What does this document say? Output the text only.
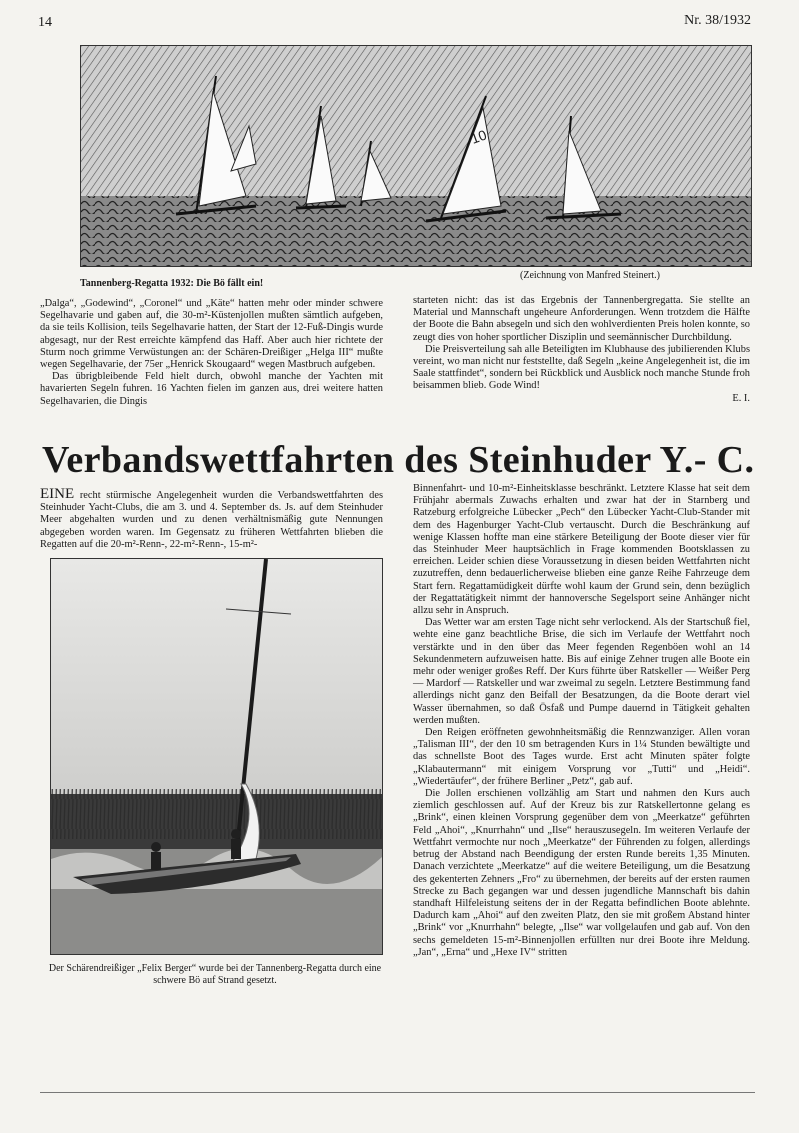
14	Nr. 38/1932
10
Tannenberg-Regatta 1932: Die Bö fällt ein!
(Zeichnung von Manfred Steinert.)

„Dalga“, „Godewind“, „Coronel“ und „Käte“ hatten mehr oder minder schwere Segelhavarie und gaben auf, die 30-m²-Küstenjollen mußten sämtlich aufgeben, da sie teils Kollision, teils Segelhavarie hatten, der Start der 12-Fuß-Dingis wurde abgesagt, nur der Rest erreichte kämpfend das Haff. Aber auch hier richtete der Sturm noch grimme Verwüstungen an: der Schären-Dreißiger „Helga III“ mußte wegen Segelhavarie, der 75er „Henrick Skougaard“ wegen Mastbruch aufgeben.

Das übrigbleibende Feld hielt durch, obwohl manche der Yachten mit havarierten Segeln fuhren. 16 Yachten fielen im ganzen aus, drei weitere hatten Segelhavarien, die Dingis

starteten nicht: das ist das Ergebnis der Tannenbergregatta. Sie stellte an Material und Mannschaft ungeheure Anforderungen. Wenn trotzdem die Hälfte der Boote die Bahn absegeln und sich den wohlverdienten Preis holen konnte, so zeugt dies von hoher sportlicher Disziplin und seemännischer Durchbildung.

Die Preisverteilung sah alle Beteiligten im Klubhause des jubilierenden Klubs vereint, wo man nicht nur feststellte, daß Segeln „keine Angelegenheit ist, die im Saale stattfindet“, sondern bei Rückblick und Ausblick noch manche Stunde froh beisammen blieb. Gode Wind!

E. I.
Verbandswettfahrten des Steinhuder Y.- C.

EINE recht stürmische Angelegenheit wurden die Verbandswettfahrten des Steinhuder Yacht-Clubs, die am 3. und 4. September ds. Js. auf dem Steinhuder Meer abgehalten wurden und zu denen verhältnismäßig gute Nennungen abgegeben worden waren. Im Gegensatz zu früheren Wettfahrten blieben die Regatten auf die 20-m²-Renn-, 22-m²-Renn-, 15-m²-

Der Schärendreißiger „Felix Berger“ wurde bei der Tannenberg-Regatta durch eine schwere Bö auf Strand gesetzt.

Binnenfahrt- und 10-m²-Einheitsklasse beschränkt. Letztere Klasse hat seit dem Frühjahr abermals Zuwachs erhalten und zwar hat der in Starnberg und Ratzeburg erfolgreiche Lübecker „Pech“ den Lübecker Yacht-Club-Stander mit dem des Hagenburger Yacht-Club vertauscht. Durch die Beschränkung auf wenige Klassen hoffte man eine stärkere Beteiligung der Boote dieser vier für das Steinhuder Meer hauptsächlich in Frage kommenden Bootsklassen zu erreichen. Leider schien diese Voraussetzung in diesen beiden Wettfahrten nicht zuzutreffen, denn bedauerlicherweise blieben eine ganze Reihe Fahrzeuge dem Start fern. Regattamüdigkeit dürfte wohl kaum der Grund sein, denn bezüglich der Regattatätigkeit nimmt der hannoversche Segelsport seine Anhänger nicht allzu sehr in Anspruch.

Das Wetter war am ersten Tage nicht sehr verlockend. Als der Startschuß fiel, wehte eine ganz beachtliche Brise, die sich im Verlaufe der Wettfahrt noch verstärkte und in den über das Meer fegenden Regenböen wohl an 14 Sekundenmetern aufzuweisen hatte. Bis auf einige Zehner trugen alle Boote ein mehr oder weniger großes Reff. Der Kurs führte über Ratskeller — Weißer Perg — Mardorf — Ratskeller und war zweimal zu segeln. Letztere Bestimmung fand allerdings nicht ganz den Beifall der Besatzungen, da die Boote derart viel Wasser übernahmen, so daß Ösfaß und Pumpe dauernd in Tätigkeit gehalten werden mußten.

Den Reigen eröffneten gewohnheitsmäßig die Rennzwanziger. Allen voran „Talisman III“, der den 10 sm betragenden Kurs in 1¼ Stunden bewältigte und das schnellste Boot des Tages wurde. Erst acht Minuten später folgte „Klabautermann“ mit einigem Vorsprung vor „Tutti“ und „Heidi“. „Wiedertäufer“, der frühere Berliner „Petz“, gab auf.

Die Jollen erschienen vollzählig am Start und nahmen den Kurs auch ziemlich geschlossen auf. Auf der Kreuz bis zur Ratskellertonne gelang es „Brink“, einen kleinen Vorsprung gegenüber dem von „Meerkatze“ geführten Feld „Ahoi“, „Knurrhahn“ und „Ilse“ herauszusegeln. Im weiteren Verlaufe der Wettfahrt vermochte nur noch „Meerkatze“ der Führenden zu folgen, allerdings betrug der Abstand nach Beendigung der ersten Runde bereits 1,35 Minuten. Danach verzichtete „Meerkatze“ auf die weitere Beteiligung, um die Besatzung des gekenterten Zehners „Fro“ zu übernehmen, der bereits auf der ersten raumen Strecke zu Bach gegangen war und dessen jugendliche Mannschaft bis dahin standhaft Hilfeleistung seitens der in der Regatta befindlichen Boote ablehnte. Dadurch kam „Ahoi“ auf den zweiten Platz, den sie mit großem Abstand hinter „Brink“ vor „Knurrhahn“ belegte, „Ilse“ war vollgelaufen und gab auf. Von den sechs gemeldeten 15-m²-Binnenjollen erfüllten nur drei Boote ihre Meldung. „Jan“, „Erna“ und „Hexe IV“ stritten
